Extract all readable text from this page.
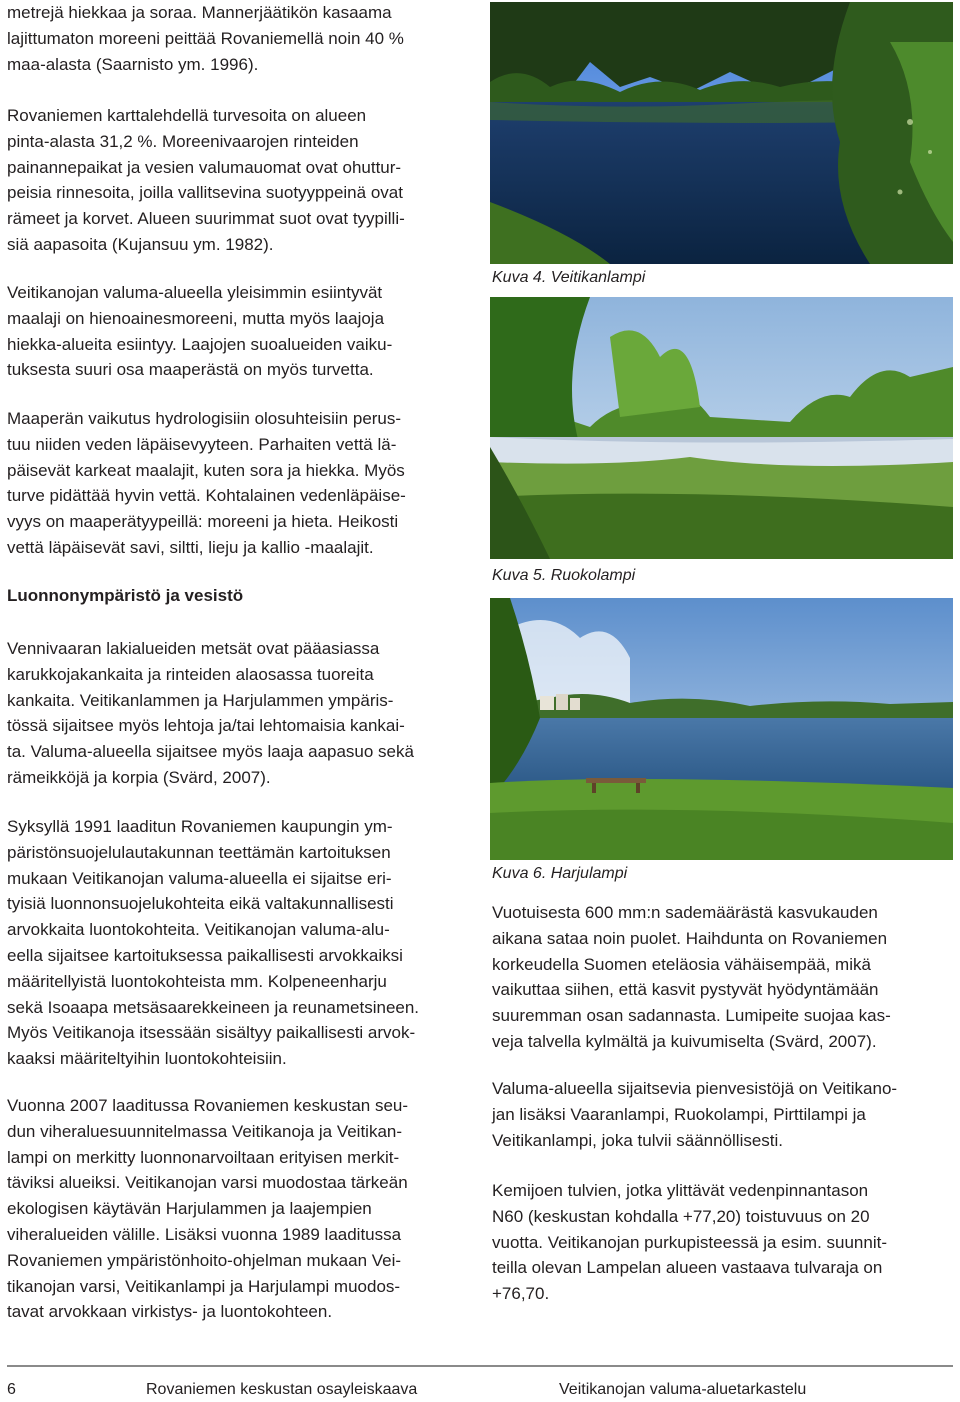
metrejä hiekkaa ja soraa. Mannerjäätikön kasaama
lajittumaton moreeni peittää Rovaniemellä noin 40 %
maa-alasta (Saarnisto ym. 1996).
Rovaniemen karttalehdellä turvesoita on alueen
pinta-alasta 31,2 %. Moreenivaarojen rinteiden
painannepaikat ja vesien valumauomat ovat ohuttur-
peisia rinnesoita, joilla vallitsevina suotyyppeinä ovat
rämeet ja korvet. Alueen suurimmat suot ovat tyypilli-
siä aapasoita (Kujansuu ym. 1982).
Veitikanojan valuma-alueella yleisimmin esiintyvät
maalaji on hienoainesmoreeni, mutta myös laajoja
hiekka-alueita esiintyy. Laajojen suoalueiden vaiku-
tuksesta suuri osa maaperästä on myös turvetta.
Maaperän vaikutus hydrologisiin olosuhteisiin perus-
tuu niiden veden läpäisevyyteen. Parhaiten vettä lä-
päisevät karkeat maalajit, kuten sora ja hiekka. Myös
turve pidättää hyvin vettä. Kohtalainen vedenläpäise-
vyys on maaperätyypeillä: moreeni ja hieta. Heikosti
vettä läpäisevät savi, siltti, lieju ja kallio -maalajit.
Luonnonympäristö ja vesistö
Vennivaaran lakialueiden metsät ovat pääasiassa
karukkojakankaita ja rinteiden alaosassa tuoreita
kankaita. Veitikanlammen ja Harjulammen ympäris-
tössä sijaitsee myös lehtoja ja/tai lehtomaisia kankai-
ta. Valuma-alueella sijaitsee myös laaja aapasuo sekä
rämeikköjä ja korpia (Svärd, 2007).
Syksyllä 1991 laaditun Rovaniemen kaupungin ym-
päristönsuojelulautakunnan teettämän kartoituksen
mukaan Veitikanojan valuma-alueella ei sijaitse eri-
tyisiä luonnonsuojelukohteita eikä valtakunnallisesti
arvokkaita luontokohteita. Veitikanojan valuma-alu-
eella sijaitsee kartoituksessa paikallisesti arvokkaiksi
määritellyistä luontokohteista mm. Kolpeneenharju
sekä Isoaapa metsäsaarekkeineen ja reunametsineen.
Myös Veitikanoja itsessään sisältyy paikallisesti arvok-
kaaksi määriteltyihin luontokohteisiin.
Vuonna 2007 laaditussa Rovaniemen keskustan seu-
dun viheraluesuunnitelmassa Veitikanoja ja Veitikan-
lampi on merkitty luonnonarvoiltaan erityisen merkit-
täviksi alueiksi. Veitikanojan varsi muodostaa tärkeän
ekologisen käytävän Harjulammen ja laajempien
viheralueiden välille. Lisäksi vuonna 1989 laaditussa
Rovaniemen ympäristönhoito-ohjelman mukaan Vei-
tikanojan varsi, Veitikanlampi ja Harjulampi muodos-
tavat arvokkaan virkistys- ja luontokohteen.
Kuva 4. Veitikanlampi
Kuva 5. Ruokolampi
Kuva 6. Harjulampi
Vuotuisesta 600 mm:n sademäärästä kasvukauden
aikana sataa noin puolet. Haihdunta on Rovaniemen
korkeudella Suomen eteläosia vähäisempää, mikä
vaikuttaa siihen, että kasvit pystyvät hyödyntämään
suuremman osan sadannasta. Lumipeite suojaa kas-
veja talvella kylmältä ja kuivumiselta (Svärd, 2007).
Valuma-alueella sijaitsevia pienvesistöjä on Veitikano-
jan lisäksi Vaaranlampi, Ruokolampi, Pirttilampi ja
Veitikanlampi, joka tulvii säännöllisesti.
Kemijoen tulvien, jotka ylittävät vedenpinnantason
N60 (keskustan kohdalla +77,20) toistuvuus on 20
vuotta. Veitikanojan purkupisteessä ja esim. suunnit-
teilla olevan Lampelan alueen vastaava tulvaraja on
+76,70.
6	Rovaniemen keskustan osayleiskaava	Veitikanojan valuma-aluetarkastelu
